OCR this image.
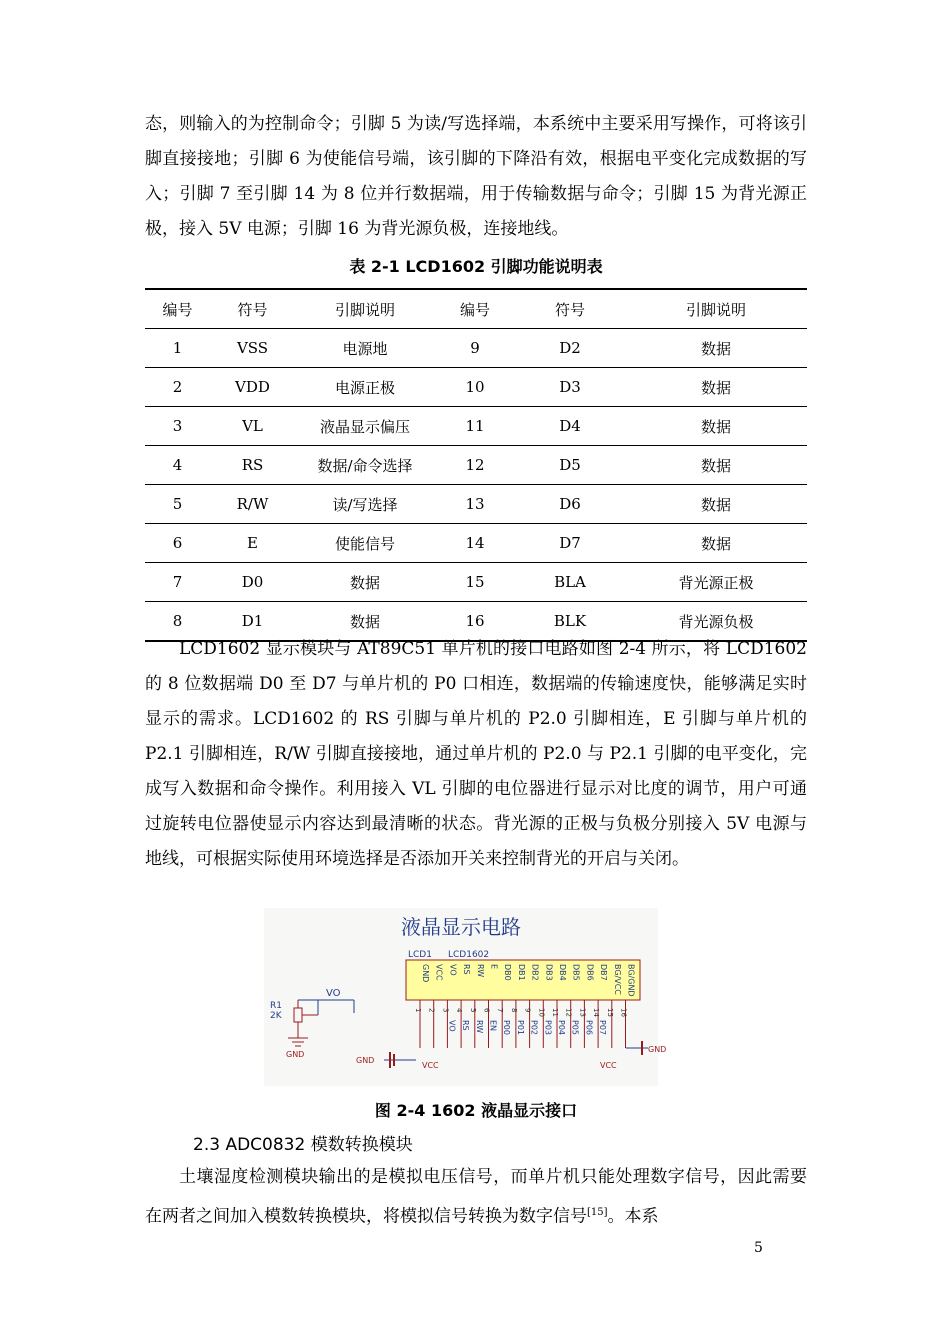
态，则输入的为控制命令；引脚 5 为读/写选择端，本系统中主要采用写操作，可将该引脚直接接地；引脚 6 为使能信号端，该引脚的下降沿有效，根据电平变化完成数据的写入；引脚 7 至引脚 14 为 8 位并行数据端，用于传输数据与命令；引脚 15 为背光源正极，接入 5V 电源；引脚 16 为背光源负极，连接地线。

表 2-1 LCD1602 引脚功能说明表
编号	符号	引脚说明	编号	符号	引脚说明
1	VSS	电源地	9	D2	数据
2	VDD	电源正极	10	D3	数据
3	VL	液晶显示偏压	11	D4	数据
4	RS	数据/命令选择	12	D5	数据
5	R/W	读/写选择	13	D6	数据
6	E	使能信号	14	D7	数据
7	D0	数据	15	BLA	背光源正极
8	D1	数据	16	BLK	背光源负极

LCD1602 显示模块与 AT89C51 单片机的接口电路如图 2-4 所示，将 LCD1602 的 8 位数据端 D0 至 D7 与单片机的 P0 口相连，数据端的传输速度快，能够满足实时显示的需求。LCD1602 的 RS 引脚与单片机的 P2.0 引脚相连，E 引脚与单片机的 P2.1 引脚相连，R/W 引脚直接接地，通过单片机的 P2.0 与 P2.1 引脚的电平变化，完成写入数据和命令操作。利用接入 VL 引脚的电位器进行显示对比度的调节，用户可通过旋转电位器使显示内容达到最清晰的状态。背光源的正极与负极分别接入 5V 电源与地线，可根据实际使用环境选择是否添加开关来控制背光的开启与关闭。

液晶显示电路
LCD1 LCD1602
GND
1
VCC
2
VO
3
RS
4
RW
5
E
6
DB0
7
DB1
8
DB2
9
DB3
10
DB4
11
DB5
12
DB6
13
DB7
14
BG/VCC
15
BG/GND
16
VO RS RW EN P00 P01 P02 P03 P04 P05 P06 P07
R1
2K
VO
GND
GND
VCC	VCC
GND
图 2-4 1602 液晶显示接口
2.3 ADC0832 模数转换模块

土壤湿度检测模块输出的是模拟电压信号，而单片机只能处理数字信号，因此需要在两者之间加入模数转换模块，将模拟信号转换为数字信号[15]。本系

5
